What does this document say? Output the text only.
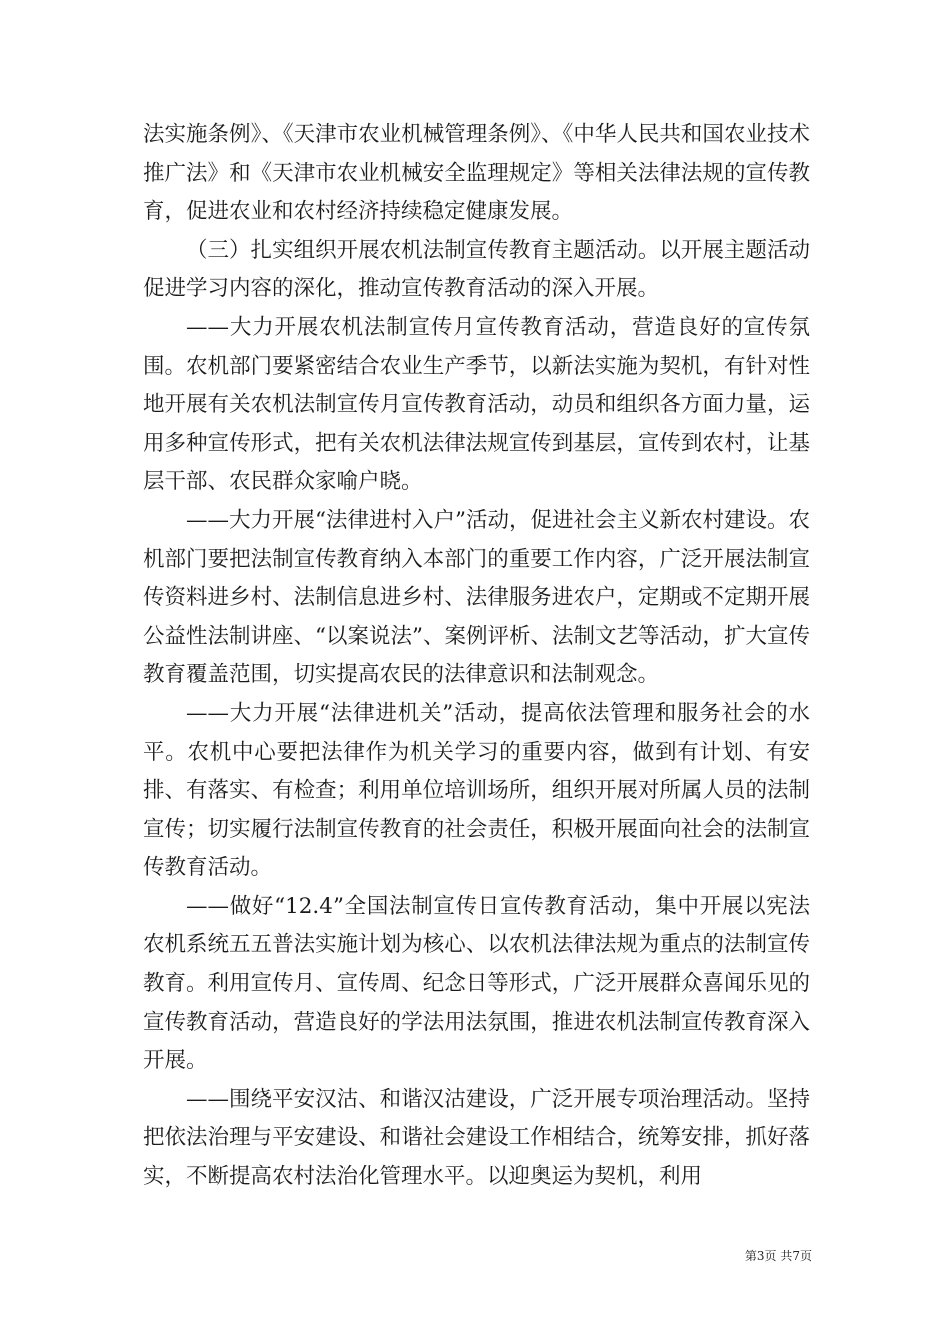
法实施条例》、《天津市农业机械管理条例》、《中华人民共和国农业技术推广法》和《天津市农业机械安全监理规定》等相关法律法规的宣传教育，促进农业和农村经济持续稳定健康发展。

（三）扎实组织开展农机法制宣传教育主题活动。以开展主题活动促进学习内容的深化，推动宣传教育活动的深入开展。

——大力开展农机法制宣传月宣传教育活动，营造良好的宣传氛围。农机部门要紧密结合农业生产季节，以新法实施为契机，有针对性地开展有关农机法制宣传月宣传教育活动，动员和组织各方面力量，运用多种宣传形式，把有关农机法律法规宣传到基层，宣传到农村，让基层干部、农民群众家喻户晓。

——大力开展“法律进村入户”活动，促进社会主义新农村建设。农机部门要把法制宣传教育纳入本部门的重要工作内容，广泛开展法制宣传资料进乡村、法制信息进乡村、法律服务进农户，定期或不定期开展公益性法制讲座、“以案说法”、案例评析、法制文艺等活动，扩大宣传教育覆盖范围，切实提高农民的法律意识和法制观念。

——大力开展“法律进机关”活动，提高依法管理和服务社会的水平。农机中心要把法律作为机关学习的重要内容，做到有计划、有安排、有落实、有检查；利用单位培训场所，组织开展对所属人员的法制宣传；切实履行法制宣传教育的社会责任，积极开展面向社会的法制宣传教育活动。

——做好“12.4”全国法制宣传日宣传教育活动，集中开展以宪法农机系统五五普法实施计划为核心、以农机法律法规为重点的法制宣传教育。利用宣传月、宣传周、纪念日等形式，广泛开展群众喜闻乐见的宣传教育活动，营造良好的学法用法氛围，推进农机法制宣传教育深入开展。

——围绕平安汉沽、和谐汉沽建设，广泛开展专项治理活动。坚持把依法治理与平安建设、和谐社会建设工作相结合，统筹安排，抓好落实，不断提高农村法治化管理水平。以迎奥运为契机，利用

第3页 共7页
